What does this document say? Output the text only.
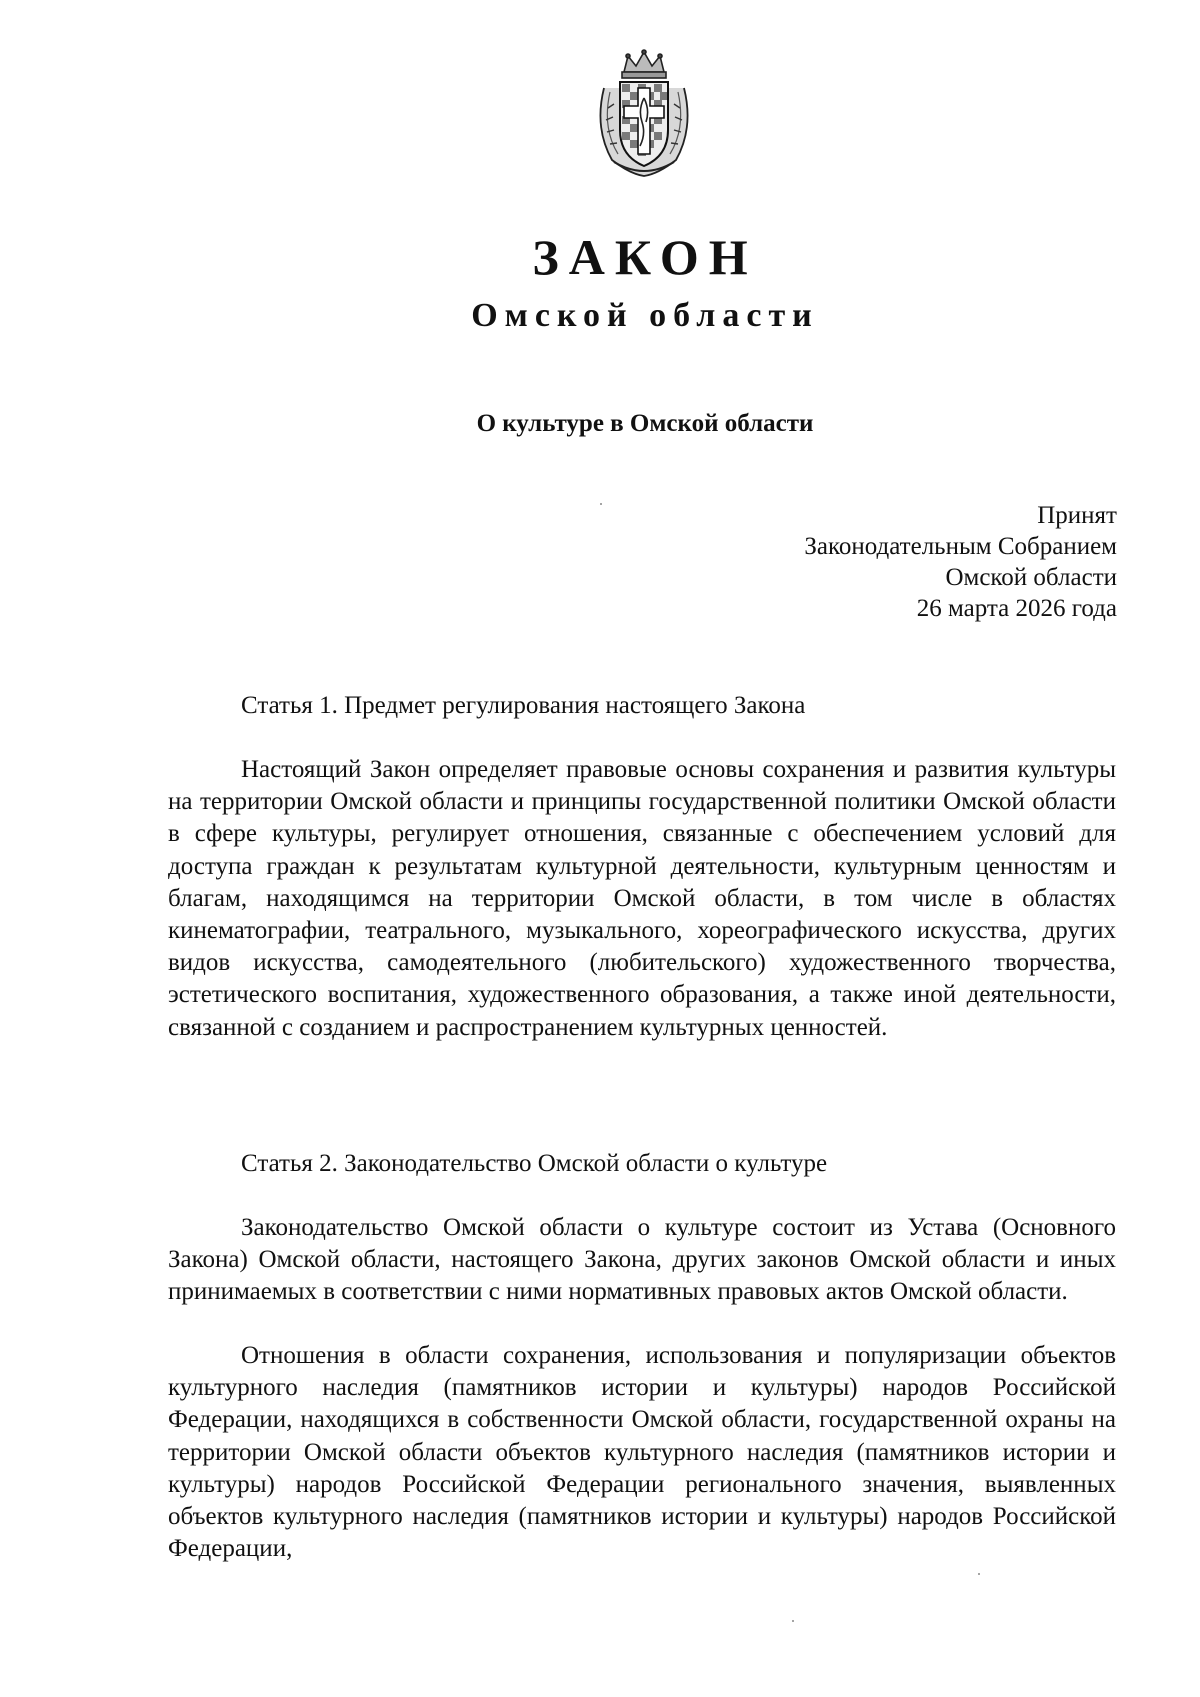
ЗАКОН
Омской области
О культуре в Омской области
Принят
Законодательным Собранием
Омской области
26 марта 2026 года
Статья 1. Предмет регулирования настоящего Закона

Настоящий Закон определяет правовые основы сохранения и развития культуры на территории Омской области и принципы государственной политики Омской области в сфере культуры, регулирует отношения, связанные с обеспечением условий для доступа граждан к результатам культурной деятельности, культурным ценностям и благам, находящимся на территории Омской области, в том числе в областях кинематографии, театрального, музыкального, хореографического искусства, других видов искусства, самодеятельного (любительского) художественного творчества, эстетического воспитания, художественного образования, а также иной деятельности, связанной с созданием и распространением культурных ценностей.

Статья 2. Законодательство Омской области о культуре

Законодательство Омской области о культуре состоит из Устава (Основного Закона) Омской области, настоящего Закона, других законов Омской области и иных принимаемых в соответствии с ними нормативных правовых актов Омской области.

Отношения в области сохранения, использования и популяризации объектов культурного наследия (памятников истории и культуры) народов Российской Федерации, находящихся в собственности Омской области, государственной охраны на территории Омской области объектов культурного наследия (памятников истории и культуры) народов Российской Федерации регионального значения, выявленных объектов культурного наследия (памятников истории и культуры) народов Российской Федерации,
